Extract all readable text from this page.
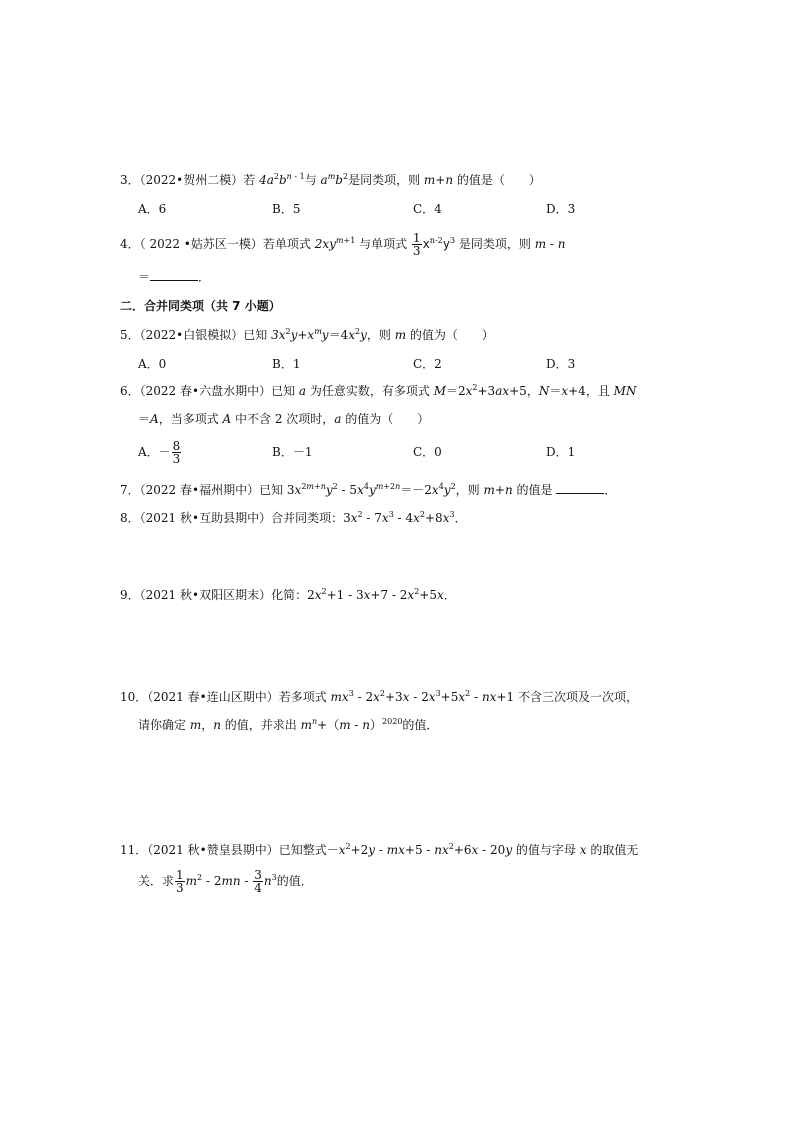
3．（2022•贺州二模）若 $4a^2b^{n - 1}$与 $a^mb^2$是同类项，则 m+n 的值是（　　）
A．6	B．5	C．4	D．3
4．（ 2022 •姑苏区一模）若单项式 $2xy^{m+1}$ 与单项式 $\frac{1}{3} x^{n-2}y^3$ 是同类项，则 m - n
＝	．
二．合并同类项（共 7 小题）
5．（2022•白银模拟）已知 $3x^2y+x^my=4x^2y$，则 m 的值为（　　）
A．0	B．1	C．2	D．3
6．（2022 春•六盘水期中）已知 a 为任意实数，有多项式 $M=2x^2+3ax+5$，N＝x+4，且 MN
＝A，当多项式 A 中不含 2 次项时，a 的值为（　　）
A．－ $\frac{8}{3}$	B．－1	C．0	D．1
7．（2022 春•福州期中）已知 $3x^{2m+n}y^2 - 5x^4y^{m+2n}=-2x^4y^2$，则 m+n 的值是	．
8．（2021 秋•互助县期中）合并同类项：$3x^2 - 7x^3 - 4x^2+8x^3$．
9．（2021 秋•双阳区期末）化简：$2x^2+1 - 3x+7 - 2x^2+5x$．
10．（2021 春•连山区期中）若多项式 $mx^3 - 2x^2+3x - 2x^3+5x^2 - nx+1$ 不含三次项及一次项，
请你确定 m，n 的值，并求出 $m^n+(m - n)^{2020}$的值．
11．（2021 秋•赞皇县期中）已知整式$-x^2+2y - mx+5 - nx^2+6x - 20y$ 的值与字母 x 的取值无
关．求 $\frac{1}{3} m^2 - 2mn - \frac{3}{4} n^3$的值．
